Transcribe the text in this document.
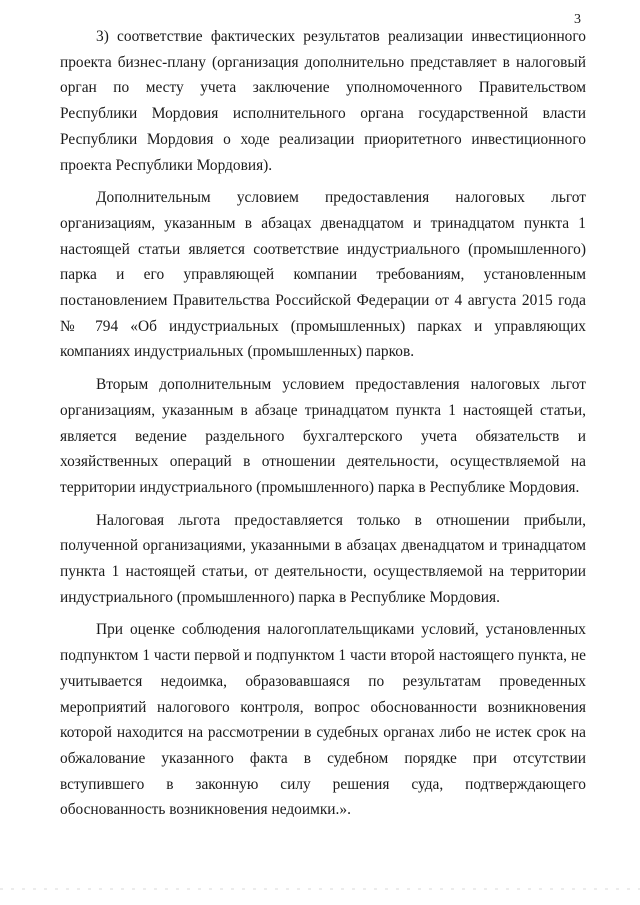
3

3) соответствие фактических результатов реализации инвестиционного проекта бизнес-плану (организация дополнительно представляет в налоговый орган по месту учета заключение уполномоченного Правительством Республики Мордовия исполнительного органа государственной власти Республики Мордовия о ходе реализации приоритетного инвестиционного проекта Республики Мордовия).

Дополнительным условием предоставления налоговых льгот организациям, указанным в абзацах двенадцатом и тринадцатом пункта 1 настоящей статьи является соответствие индустриального (промышленного) парка и его управляющей компании требованиям, установленным постановлением Правительства Российской Федерации от 4 августа 2015 года № 794 «Об индустриальных (промышленных) парках и управляющих компаниях индустриальных (промышленных) парков.

Вторым дополнительным условием предоставления налоговых льгот организациям, указанным в абзаце тринадцатом пункта 1 настоящей статьи, является ведение раздельного бухгалтерского учета обязательств и хозяйственных операций в отношении деятельности, осуществляемой на территории индустриального (промышленного) парка в Республике Мордовия.

Налоговая льгота предоставляется только в отношении прибыли, полученной организациями, указанными в абзацах двенадцатом и тринадцатом пункта 1 настоящей статьи, от деятельности, осуществляемой на территории индустриального (промышленного) парка в Республике Мордовия.

При оценке соблюдения налогоплательщиками условий, установленных подпунктом 1 части первой и подпунктом 1 части второй настоящего пункта, не учитывается недоимка, образовавшаяся по результатам проведенных мероприятий налогового контроля, вопрос обоснованности возникновения которой находится на рассмотрении в судебных органах либо не истек срок на обжалование указанного факта в судебном порядке при отсутствии вступившего в законную силу решения суда, подтверждающего обоснованность возникновения недоимки.».
